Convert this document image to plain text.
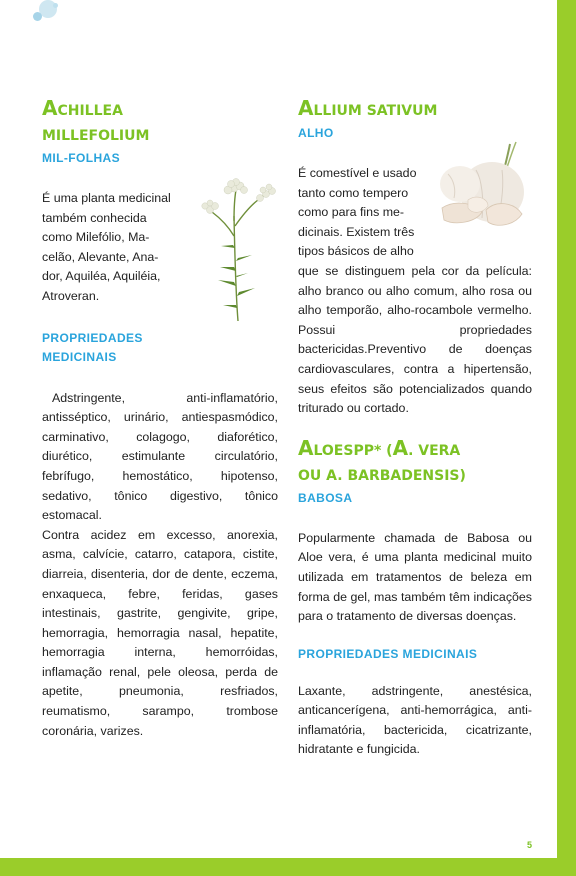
ACHILLEA
MILLEFOLIUM
MIL-FOLHAS
É uma planta medicinal
também conhecida
como Milefólio, Ma-
celão, Alevante, Ana-
dor, Aquiléa, Aquiléia,
Atroveran.
PROPRIEDADES
MEDICINAIS

Adstringente, anti-inflamatório, antisséptico, urinário, antiespasmódico, carminativo, colagogo, diaforético, diurético, estimulante circulatório, febrífugo, hemostático, hipotenso, sedativo, tônico digestivo, tônico estomacal.

Contra acidez em excesso, anorexia, asma, calvície, catarro, catapora, cistite, diarreia, disenteria, dor de dente, eczema, enxaqueca, febre, feridas, gases intestinais, gastrite, gengivite, gripe, hemorragia, hemorragia nasal, hepatite, hemorragia interna, hemorróidas, inflamação renal, pele oleosa, perda de apetite, pneumonia, resfriados, reumatismo, sarampo, trombose coronária, varizes.

ALLIUM SATIVUM
ALHO
É comestível e usado
tanto como tempero
como para fins me-
dicinais. Existem três
tipos básicos de alho

que se distinguem pela cor da película: alho branco ou alho comum, alho rosa ou alho temporão, alho-rocambole vermelho. Possui propriedades bactericidas.Preventivo de doenças cardiovasculares, contra a hipertensão, seus efeitos são potencializados quando triturado ou cortado.

ALOESPP* (A. VERA
OU A. BARBADENSIS)
BABOSA

Popularmente chamada de Babosa ou Aloe vera, é uma planta medicinal muito utilizada em tratamentos de beleza em forma de gel, mas também têm indicações para o tratamento de diversas doenças.

PROPRIEDADES MEDICINAIS

Laxante, adstringente, anestésica, anticancerígena, anti-hemorrágica, anti-inflamatória, bactericida, cicatrizante, hidratante e fungicida.

5
